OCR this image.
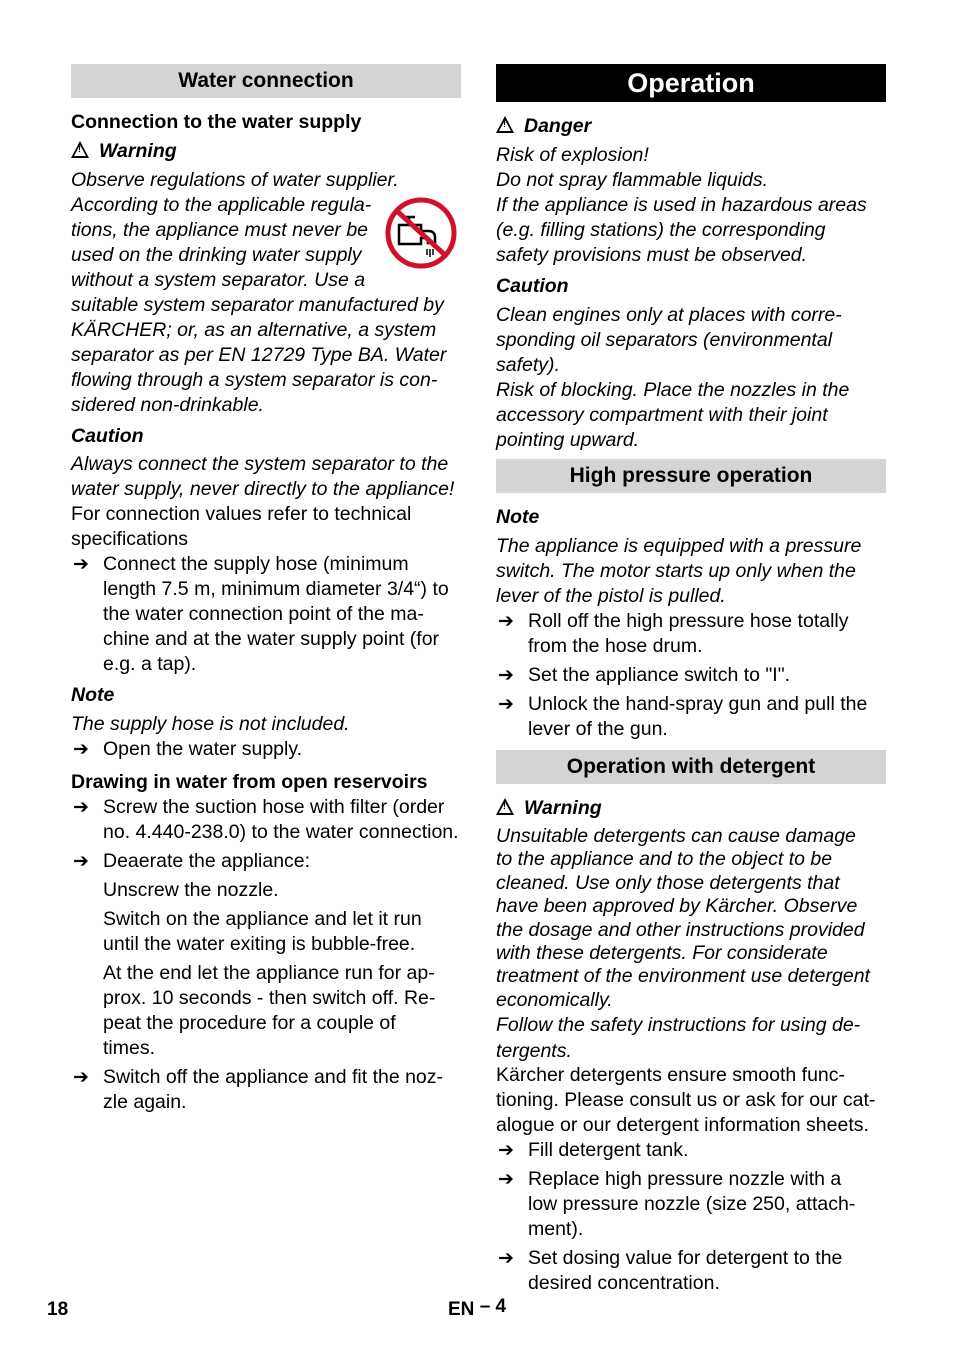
Water connection
Connection to the water supply
!Warning
Observe regulations of water supplier.
According to the applicable regula-
tions, the appliance must never be
used on the drinking water supply
without a system separator. Use a
suitable system separator manufactured by
KÄRCHER; or, as an alternative, a system
separator as per EN 12729 Type BA. Water
flowing through a system separator is con-
sidered non-drinkable.
Caution
Always connect the system separator to the
water supply, never directly to the appliance!
For connection values refer to technical
specifications
➔ Connect the supply hose (minimum
length 7.5 m, minimum diameter 3/4“) to
the water connection point of the ma-
chine and at the water supply point (for
e.g. a tap).
Note
The supply hose is not included.
➔ Open the water supply.
Drawing in water from open reservoirs
➔ Screw the suction hose with filter (order
no. 4.440-238.0) to the water connection.
➔ Deaerate the appliance:
Unscrew the nozzle.
Switch on the appliance and let it run
until the water exiting is bubble-free.
At the end let the appliance run for ap-
prox. 10 seconds - then switch off. Re-
peat the procedure for a couple of
times.
➔ Switch off the appliance and fit the noz-
zle again.
Operation
!Danger
Risk of explosion!
Do not spray flammable liquids.
If the appliance is used in hazardous areas
(e.g. filling stations) the corresponding
safety provisions must be observed.
Caution
Clean engines only at places with corre-
sponding oil separators (environmental
safety).
Risk of blocking. Place the nozzles in the
accessory compartment with their joint
pointing upward.
High pressure operation
Note
The appliance is equipped with a pressure
switch. The motor starts up only when the
lever of the pistol is pulled.
➔ Roll off the high pressure hose totally
from the hose drum.
➔ Set the appliance switch to "I".
➔ Unlock the hand-spray gun and pull the
lever of the gun.
Operation with detergent
!Warning
Unsuitable detergents can cause damage
to the appliance and to the object to be
cleaned. Use only those detergents that
have been approved by Kärcher. Observe
the dosage and other instructions provided
with these detergents. For considerate
treatment of the environment use detergent
economically.
Follow the safety instructions for using de-
tergents.
Kärcher detergents ensure smooth func-
tioning. Please consult us or ask for our cat-
alogue or our detergent information sheets.
➔ Fill detergent tank.
➔ Replace high pressure nozzle with a
low pressure nozzle (size 250, attach-
ment).
➔ Set dosing value for detergent to the
desired concentration.
18	EN – 4
